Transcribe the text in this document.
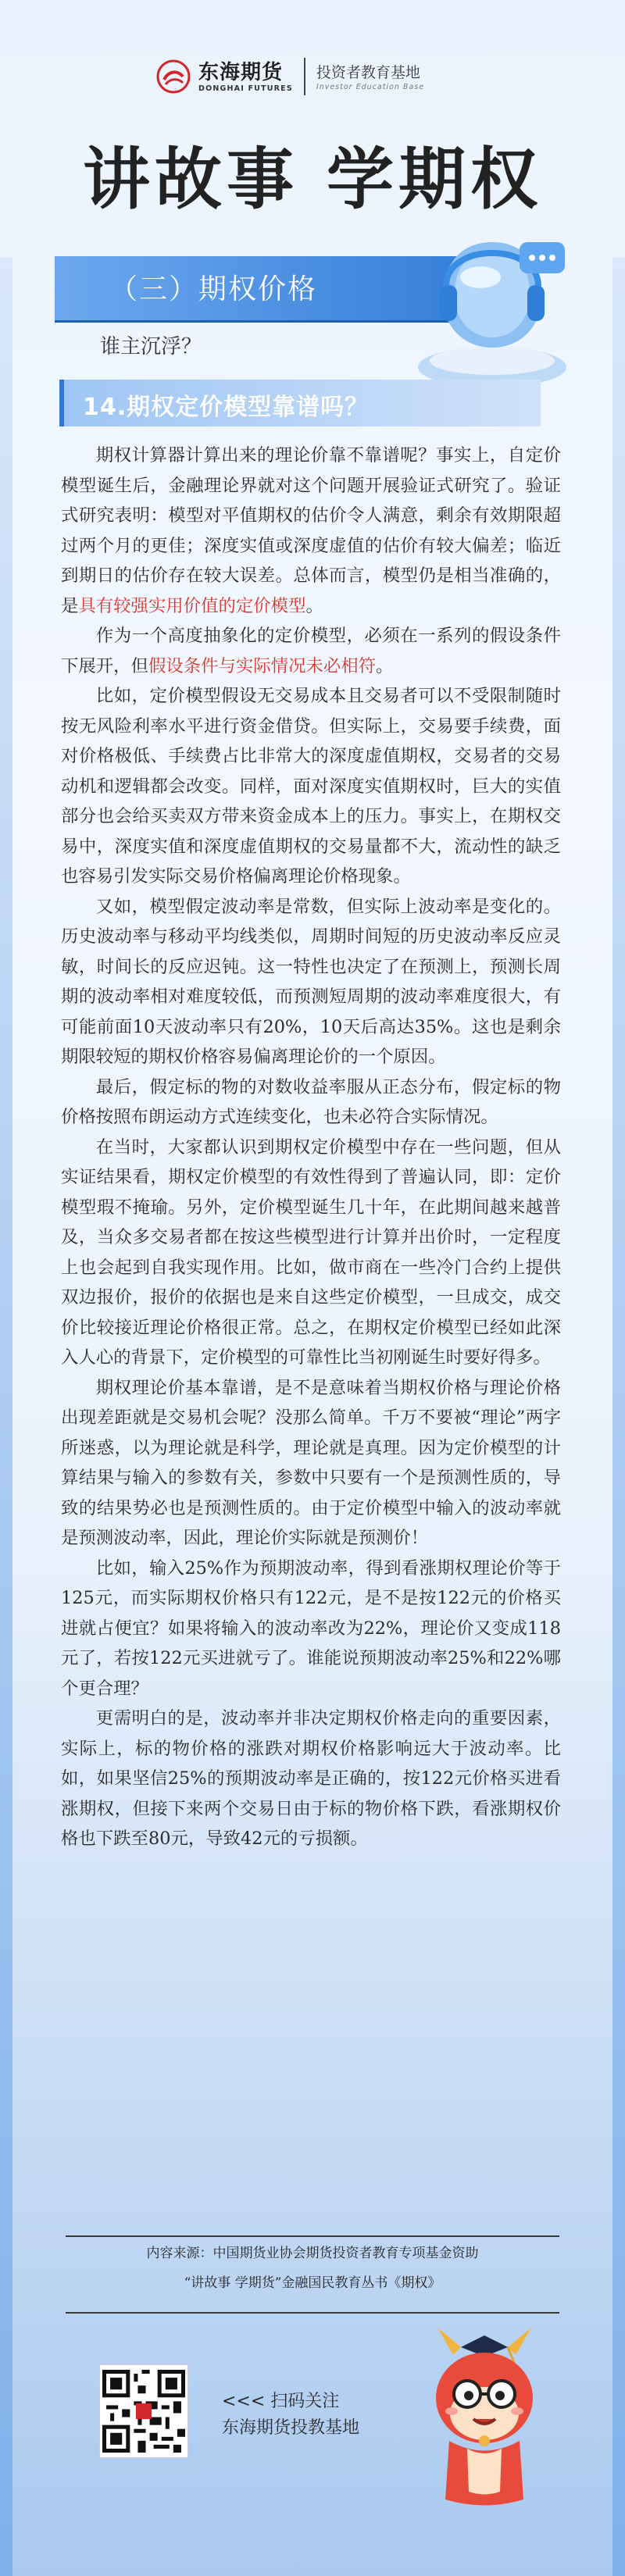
东海期货
DONGHAI FUTURES
投资者教育基地
Investor Education Base
讲故事 学期权
（三）期权价格
谁主沉浮？
14.期权定价模型靠谱吗？

期权计算器计算出来的理论价靠不靠谱呢？事实上，自定价模型诞生后，金融理论界就对这个问题开展验证式研究了。验证式研究表明：模型对平值期权的估价令人满意，剩余有效期限超过两个月的更佳；深度实值或深度虚值的估价有较大偏差；临近到期日的估价存在较大误差。总体而言，模型仍是相当准确的，是具有较强实用价值的定价模型。

作为一个高度抽象化的定价模型，必须在一系列的假设条件下展开，但假设条件与实际情况未必相符。

比如，定价模型假设无交易成本且交易者可以不受限制随时按无风险利率水平进行资金借贷。但实际上，交易要手续费，面对价格极低、手续费占比非常大的深度虚值期权，交易者的交易动机和逻辑都会改变。同样，面对深度实值期权时，巨大的实值部分也会给买卖双方带来资金成本上的压力。事实上，在期权交易中，深度实值和深度虚值期权的交易量都不大，流动性的缺乏也容易引发实际交易价格偏离理论价格现象。

又如，模型假定波动率是常数，但实际上波动率是变化的。历史波动率与移动平均线类似，周期时间短的历史波动率反应灵敏，时间长的反应迟钝。这一特性也决定了在预测上，预测长周期的波动率相对难度较低，而预测短周期的波动率难度很大，有可能前面10天波动率只有20%，10天后高达35%。这也是剩余期限较短的期权价格容易偏离理论价的一个原因。

最后，假定标的物的对数收益率服从正态分布，假定标的物价格按照布朗运动方式连续变化，也未必符合实际情况。

在当时，大家都认识到期权定价模型中存在一些问题，但从实证结果看，期权定价模型的有效性得到了普遍认同，即：定价模型瑕不掩瑜。另外，定价模型诞生几十年，在此期间越来越普及，当众多交易者都在按这些模型进行计算并出价时，一定程度上也会起到自我实现作用。比如，做市商在一些冷门合约上提供双边报价，报价的依据也是来自这些定价模型，一旦成交，成交价比较接近理论价格很正常。总之，在期权定价模型已经如此深入人心的背景下，定价模型的可靠性比当初刚诞生时要好得多。

期权理论价基本靠谱，是不是意味着当期权价格与理论价格出现差距就是交易机会呢？没那么简单。千万不要被“理论”两字所迷惑，以为理论就是科学，理论就是真理。因为定价模型的计算结果与输入的参数有关，参数中只要有一个是预测性质的，导致的结果势必也是预测性质的。由于定价模型中输入的波动率就是预测波动率，因此，理论价实际就是预测价！

比如，输入25%作为预期波动率，得到看涨期权理论价等于125元，而实际期权价格只有122元，是不是按122元的价格买进就占便宜？如果将输入的波动率改为22%，理论价又变成118元了，若按122元买进就亏了。谁能说预期波动率25%和22%哪个更合理？

更需明白的是，波动率并非决定期权价格走向的重要因素，实际上，标的物价格的涨跌对期权价格影响远大于波动率。比如，如果坚信25%的预期波动率是正确的，按122元价格买进看涨期权，但接下来两个交易日由于标的物价格下跌，看涨期权价格也下跌至80元，导致42元的亏损额。

内容来源：中国期货业协会期货投资者教育专项基金资助
“讲故事 学期货”金融国民教育丛书《期权》
<<< 扫码关注
东海期货投教基地
